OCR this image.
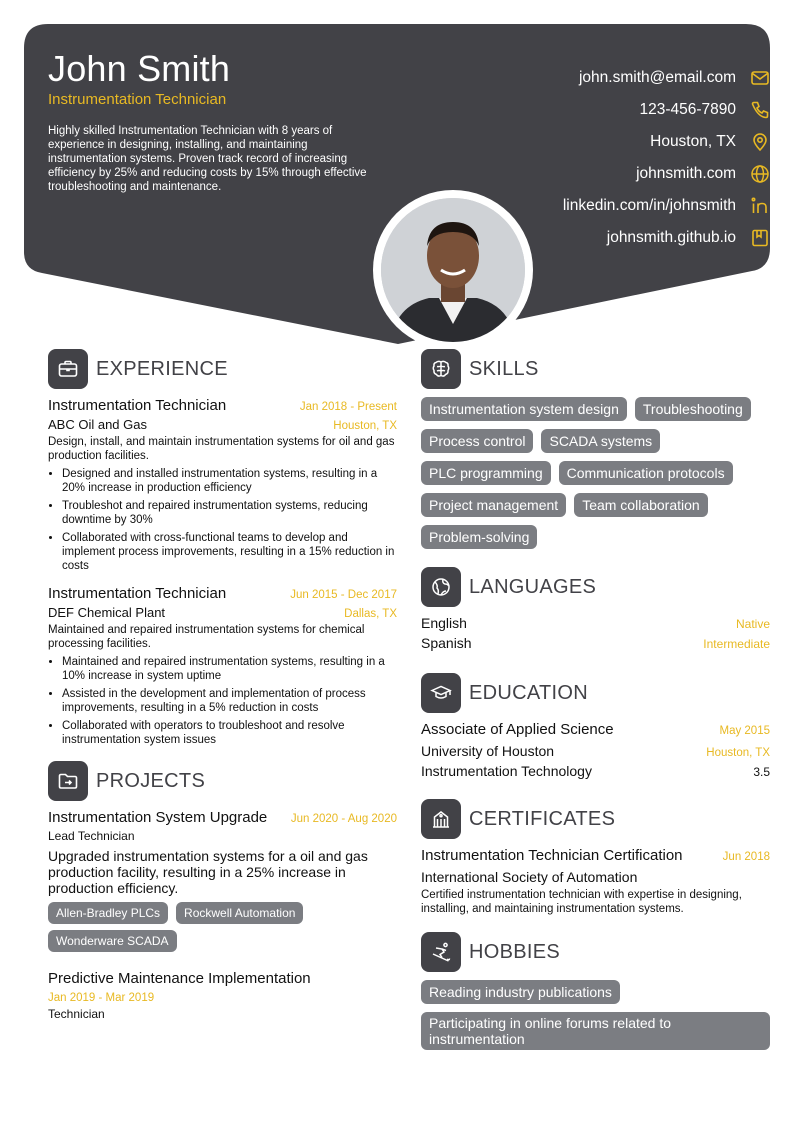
John Smith
Instrumentation Technician
Highly skilled Instrumentation Technician with 8 years of experience in designing, installing, and maintaining instrumentation systems. Proven track record of increasing efficiency by 25% and reducing costs by 15% through effective troubleshooting and maintenance.
john.smith@email.com
123-456-7890
Houston, TX
johnsmith.com
linkedin.com/in/johnsmith
johnsmith.github.io
EXPERIENCE
Instrumentation Technician	Jan 2018 - Present
ABC Oil and Gas	Houston, TX
Design, install, and maintain instrumentation systems for oil and gas production facilities.
• Designed and installed instrumentation systems, resulting in a 20% increase in production efficiency
• Troubleshot and repaired instrumentation systems, reducing downtime by 30%
• Collaborated with cross-functional teams to develop and implement process improvements, resulting in a 15% reduction in costs
Instrumentation Technician	Jun 2015 - Dec 2017
DEF Chemical Plant	Dallas, TX
Maintained and repaired instrumentation systems for chemical processing facilities.
• Maintained and repaired instrumentation systems, resulting in a 10% increase in system uptime
• Assisted in the development and implementation of process improvements, resulting in a 5% reduction in costs
• Collaborated with operators to troubleshoot and resolve instrumentation system issues
PROJECTS
Instrumentation System Upgrade Jun 2020 - Aug 2020
Lead Technician
Upgraded instrumentation systems for a oil and gas production facility, resulting in a 25% increase in production efficiency.
Allen-Bradley PLCs	Rockwell Automation
Wonderware SCADA
Predictive Maintenance Implementation
Jan 2019 - Mar 2019
Technician
SKILLS
Instrumentation system design	Troubleshooting
Process control	SCADA systems
PLC programming	Communication protocols
Project management	Team collaboration
Problem-solving
LANGUAGES
English	Native
Spanish	Intermediate
EDUCATION
Associate of Applied Science	May 2015
University of Houston	Houston, TX
Instrumentation Technology	3.5
CERTIFICATES
Instrumentation Technician Certification	Jun 2018
International Society of Automation
Certified instrumentation technician with expertise in designing, installing, and maintaining instrumentation systems.
HOBBIES
Reading industry publications
Participating in online forums related to instrumentation
